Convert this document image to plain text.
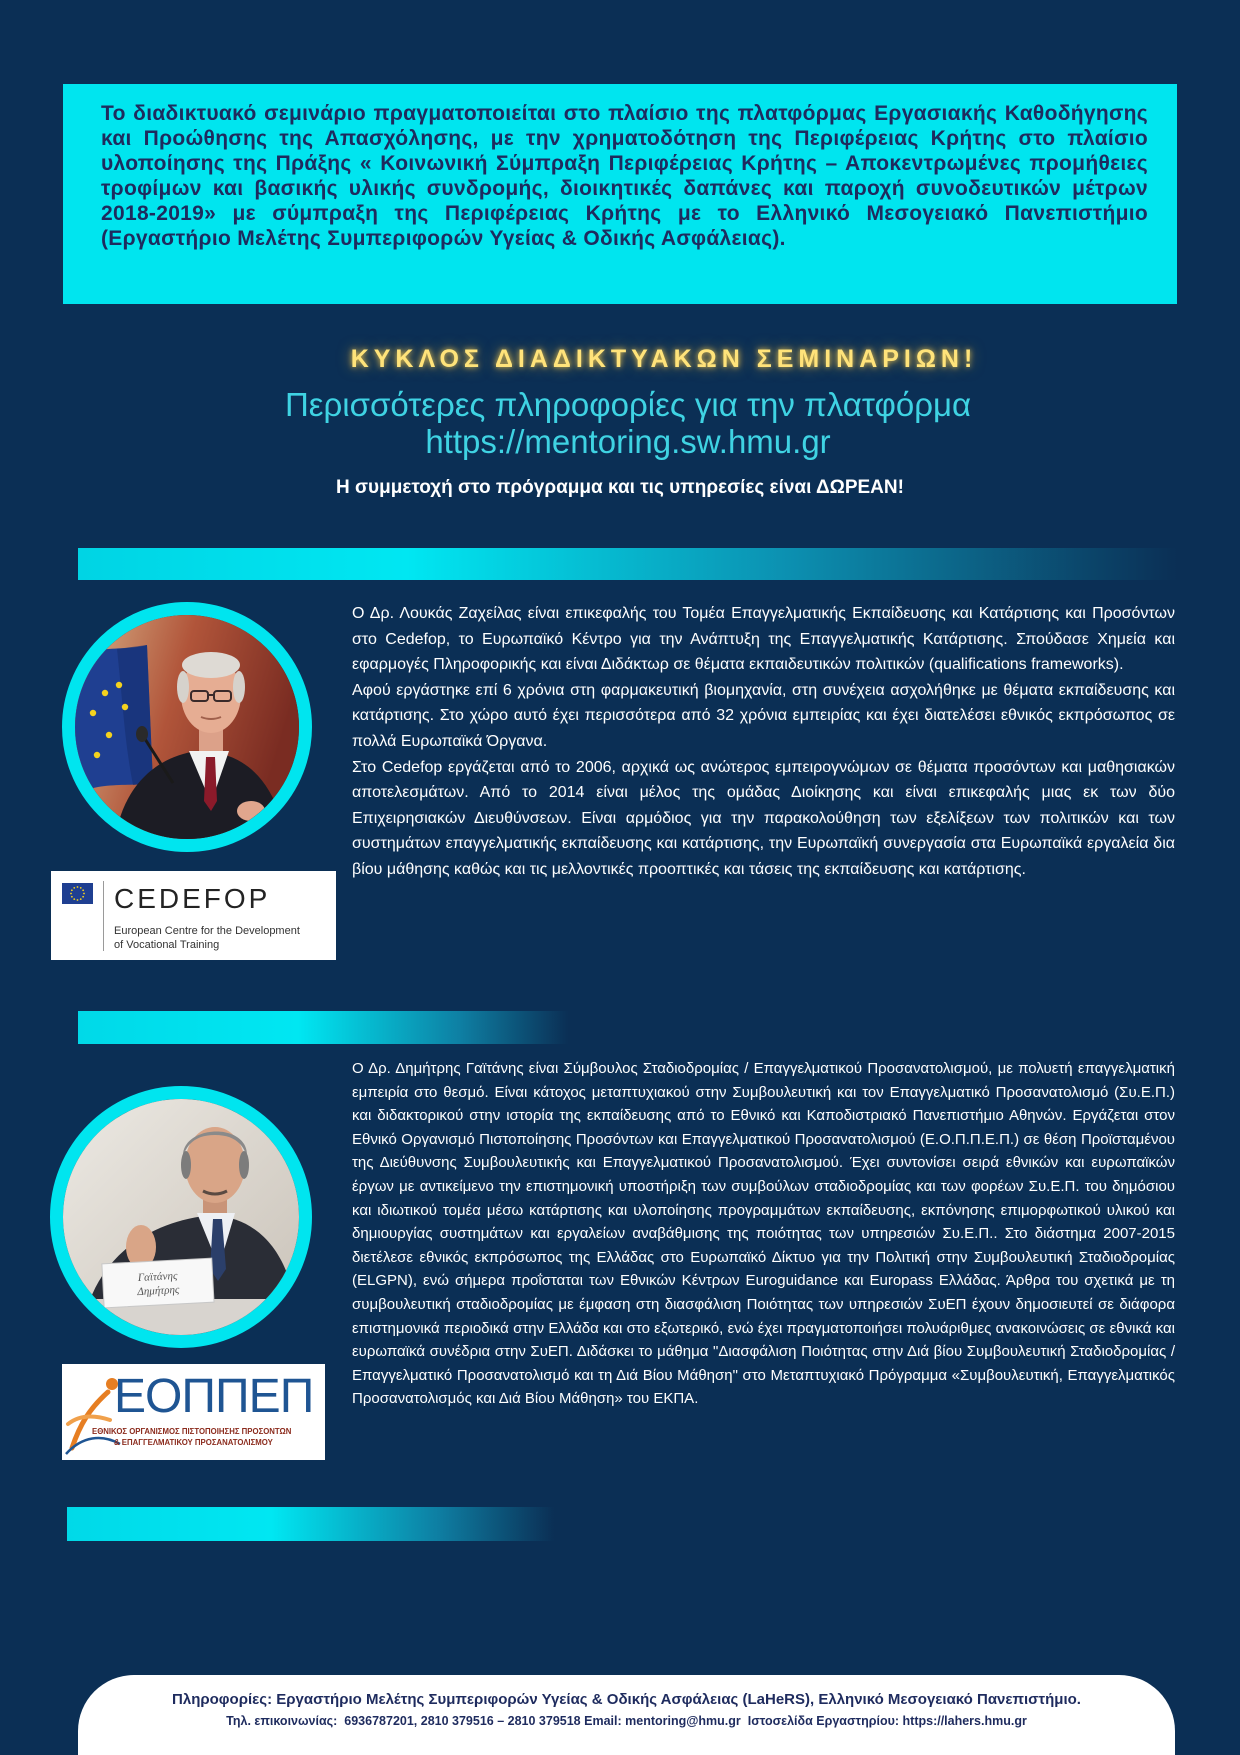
Το διαδικτυακό σεμινάριο πραγματοποιείται στο πλαίσιο της πλατφόρμας Εργασιακής Καθοδήγησης και Προώθησης της Απασχόλησης, με την χρηματοδότηση της Περιφέρειας Κρήτης στο πλαίσιο υλοποίησης της Πράξης « Κοινωνική Σύμπραξη Περιφέρειας Κρήτης – Αποκεντρωμένες προμήθειες τροφίμων και βασικής υλικής συνδρομής, διοικητικές δαπάνες και παροχή συνοδευτικών μέτρων 2018-2019» με σύμπραξη της Περιφέρειας Κρήτης με το Ελληνικό Μεσογειακό Πανεπιστήμιο (Εργαστήριο Μελέτης Συμπεριφορών Υγείας & Οδικής Ασφάλειας).

ΚΥΚΛΟΣ ΔΙΑΔΙΚΤΥΑΚΩΝ ΣΕΜΙΝΑΡΙΩΝ!
Περισσότερες πληροφορίες για την πλατφόρμα
https://mentoring.sw.hmu.gr
Η συμμετοχή στο πρόγραμμα και τις υπηρεσίες είναι ΔΩΡΕΑΝ!
CEDEFOP
European Centre for the Development
of Vocational Training

Ο Δρ. Λουκάς Ζαχείλας είναι επικεφαλής του Τομέα Επαγγελματικής Εκπαίδευσης και Κατάρτισης και Προσόντων στο Cedefop, το Ευρωπαϊκό Κέντρο για την Ανάπτυξη της Επαγγελματικής Κατάρτισης. Σπούδασε Χημεία και εφαρμογές Πληροφορικής και είναι Διδάκτωρ σε θέματα εκπαιδευτικών πολιτικών (qualifications frameworks).

Αφού εργάστηκε επί 6 χρόνια στη φαρμακευτική βιομηχανία, στη συνέχεια ασχολήθηκε με θέματα εκπαίδευσης και κατάρτισης. Στο χώρο αυτό έχει περισσότερα από 32 χρόνια εμπειρίας και έχει διατελέσει εθνικός εκπρόσωπος σε πολλά Ευρωπαϊκά Όργανα.

Στο Cedefop εργάζεται από το 2006, αρχικά ως ανώτερος εμπειρογνώμων σε θέματα προσόντων και μαθησιακών αποτελεσμάτων. Από το 2014 είναι μέλος της ομάδας Διοίκησης και είναι επικεφαλής μιας εκ των δύο Επιχειρησιακών Διευθύνσεων. Είναι αρμόδιος για την παρακολούθηση των εξελίξεων των πολιτικών και των συστημάτων επαγγελματικής εκπαίδευσης και κατάρτισης, την Ευρωπαϊκή συνεργασία στα Ευρωπαϊκά εργαλεία δια βίου μάθησης καθώς και τις μελλοντικές προοπτικές και τάσεις της εκπαίδευσης και κατάρτισης.

Γαϊτάνης
Δημήτρης
ΕΟΠΠΕΠ
ΕΘΝΙΚΟΣ ΟΡΓΑΝΙΣΜΟΣ ΠΙΣΤΟΠΟΙΗΣΗΣ ΠΡΟΣΟΝΤΩΝ
& ΕΠΑΓΓΕΛΜΑΤΙΚΟΥ ΠΡΟΣΑΝΑΤΟΛΙΣΜΟΥ

Ο Δρ. Δημήτρης Γαϊτάνης είναι Σύμβουλος Σταδιοδρομίας / Επαγγελματικού Προσανατολισμού, με πολυετή επαγγελματική εμπειρία στο θεσμό. Είναι κάτοχος μεταπτυχιακού στην Συμβουλευτική και τον Επαγγελματικό Προσανατολισμό (Συ.Ε.Π.) και διδακτορικού στην ιστορία της εκπαίδευσης από το Εθνικό και Καποδιστριακό Πανεπιστήμιο Αθηνών. Εργάζεται στον Εθνικό Οργανισμό Πιστοποίησης Προσόντων και Επαγγελματικού Προσανατολισμού (Ε.Ο.Π.Π.Ε.Π.) σε θέση Προϊσταμένου της Διεύθυνσης Συμβουλευτικής και Επαγγελματικού Προσανατολισμού. Έχει συντονίσει σειρά εθνικών και ευρωπαϊκών έργων με αντικείμενο την επιστημονική υποστήριξη των συμβούλων σταδιοδρομίας και των φορέων Συ.Ε.Π. του δημόσιου και ιδιωτικού τομέα μέσω κατάρτισης και υλοποίησης προγραμμάτων εκπαίδευσης, εκπόνησης επιμορφωτικού υλικού και δημιουργίας συστημάτων και εργαλείων αναβάθμισης της ποιότητας των υπηρεσιών Συ.Ε.Π.. Στο διάστημα 2007-2015 διετέλεσε εθνικός εκπρόσωπος της Ελλάδας στο Ευρωπαϊκό Δίκτυο για την Πολιτική στην Συμβουλευτική Σταδιοδρομίας (ELGPN), ενώ σήμερα προΐσταται των Εθνικών Κέντρων Euroguidance και Europass Ελλάδας. Άρθρα του σχετικά με τη συμβουλευτική σταδιοδρομίας με έμφαση στη διασφάλιση Ποιότητας των υπηρεσιών ΣυΕΠ έχουν δημοσιευτεί σε διάφορα επιστημονικά περιοδικά στην Ελλάδα και στο εξωτερικό, ενώ έχει πραγματοποιήσει πολυάριθμες ανακοινώσεις σε εθνικά και ευρωπαϊκά συνέδρια στην ΣυΕΠ. Διδάσκει το μάθημα "Διασφάλιση Ποιότητας στην Διά βίου Συμβουλευτική Σταδιοδρομίας / Επαγγελματικό Προσανατολισμό και τη Διά Βίου Μάθηση" στο Μεταπτυχιακό Πρόγραμμα «Συμβουλευτική, Επαγγελματικός Προσανατολισμός και Διά Βίου Μάθηση» του ΕΚΠΑ.

Πληροφορίες: Εργαστήριο Μελέτης Συμπεριφορών Υγείας & Οδικής Ασφάλειας (LaHeRS), Ελληνικό Μεσογειακό Πανεπιστήμιο.
Τηλ. επικοινωνίας: 6936787201, 2810 379516 – 2810 379518 Email: mentoring@hmu.gr Ιστοσελίδα Εργαστηρίου: https://lahers.hmu.gr
